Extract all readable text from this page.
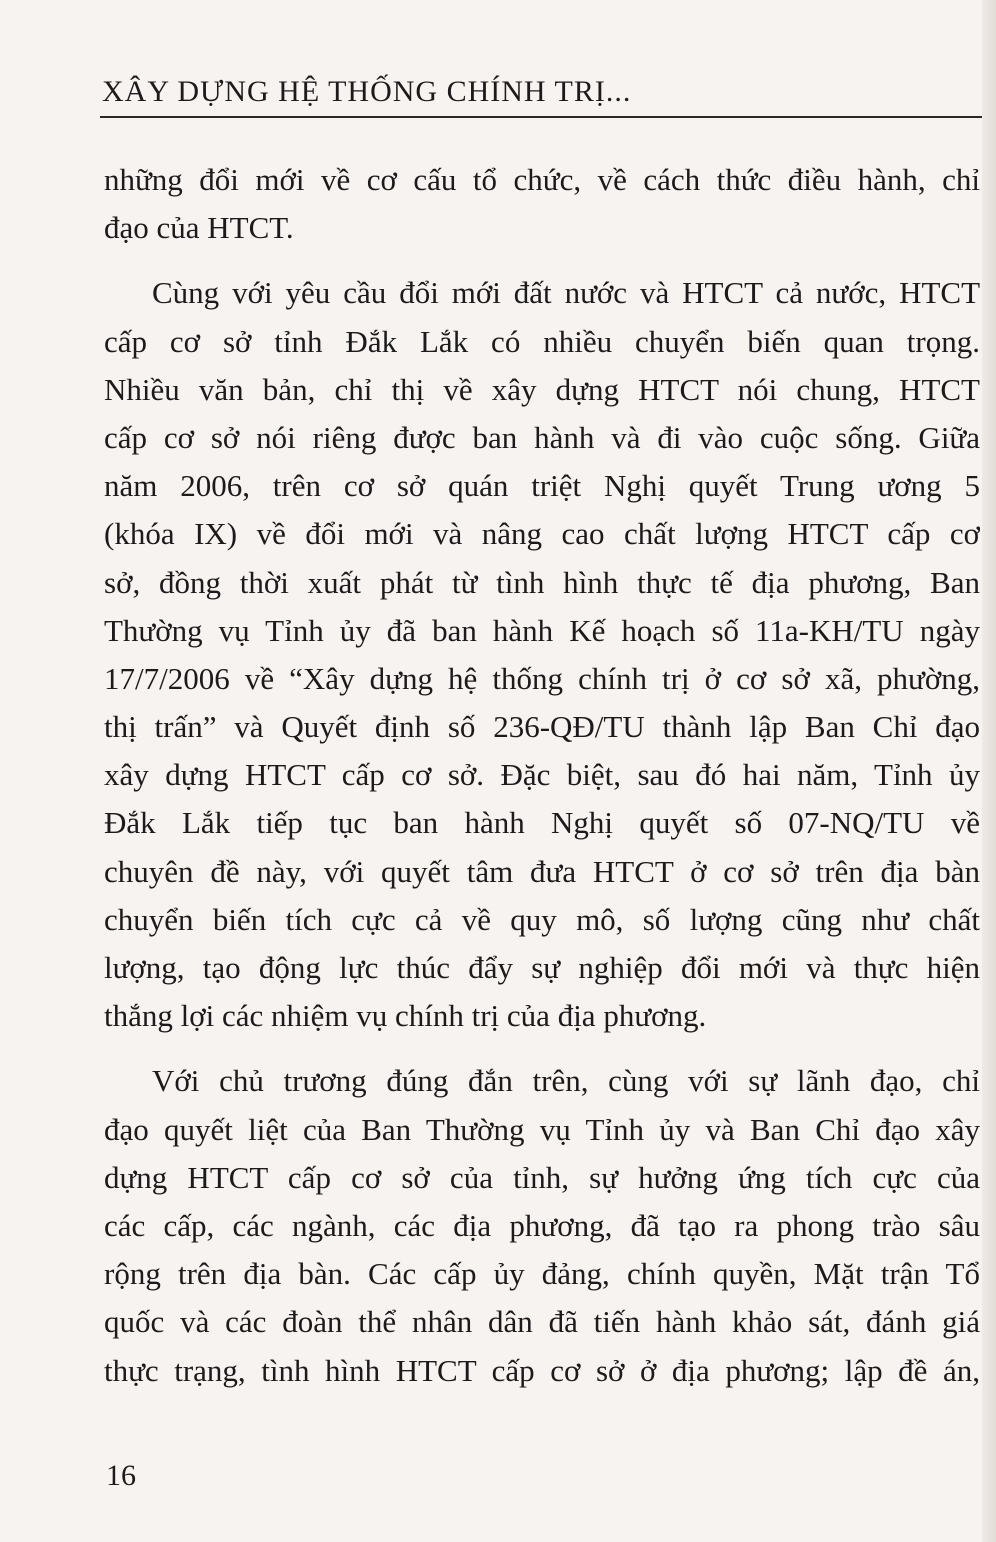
XÂY DỰNG HỆ THỐNG CHÍNH TRỊ...
những đổi mới về cơ cấu tổ chức, về cách thức điều hành, chỉ
đạo của HTCT.
Cùng với yêu cầu đổi mới đất nước và HTCT cả nước, HTCT
cấp cơ sở tỉnh Đắk Lắk có nhiều chuyển biến quan trọng.
Nhiều văn bản, chỉ thị về xây dựng HTCT nói chung, HTCT
cấp cơ sở nói riêng được ban hành và đi vào cuộc sống. Giữa
năm 2006, trên cơ sở quán triệt Nghị quyết Trung ương 5
(khóa IX) về đổi mới và nâng cao chất lượng HTCT cấp cơ
sở, đồng thời xuất phát từ tình hình thực tế địa phương, Ban
Thường vụ Tỉnh ủy đã ban hành Kế hoạch số 11a-KH/TU ngày
17/7/2006 về “Xây dựng hệ thống chính trị ở cơ sở xã, phường,
thị trấn” và Quyết định số 236-QĐ/TU thành lập Ban Chỉ đạo
xây dựng HTCT cấp cơ sở. Đặc biệt, sau đó hai năm, Tỉnh ủy
Đắk Lắk tiếp tục ban hành Nghị quyết số 07-NQ/TU về
chuyên đề này, với quyết tâm đưa HTCT ở cơ sở trên địa bàn
chuyển biến tích cực cả về quy mô, số lượng cũng như chất
lượng, tạo động lực thúc đẩy sự nghiệp đổi mới và thực hiện
thắng lợi các nhiệm vụ chính trị của địa phương.
Với chủ trương đúng đắn trên, cùng với sự lãnh đạo, chỉ
đạo quyết liệt của Ban Thường vụ Tỉnh ủy và Ban Chỉ đạo xây
dựng HTCT cấp cơ sở của tỉnh, sự hưởng ứng tích cực của
các cấp, các ngành, các địa phương, đã tạo ra phong trào sâu
rộng trên địa bàn. Các cấp ủy đảng, chính quyền, Mặt trận Tổ
quốc và các đoàn thể nhân dân đã tiến hành khảo sát, đánh giá
thực trạng, tình hình HTCT cấp cơ sở ở địa phương; lập đề án,
16
